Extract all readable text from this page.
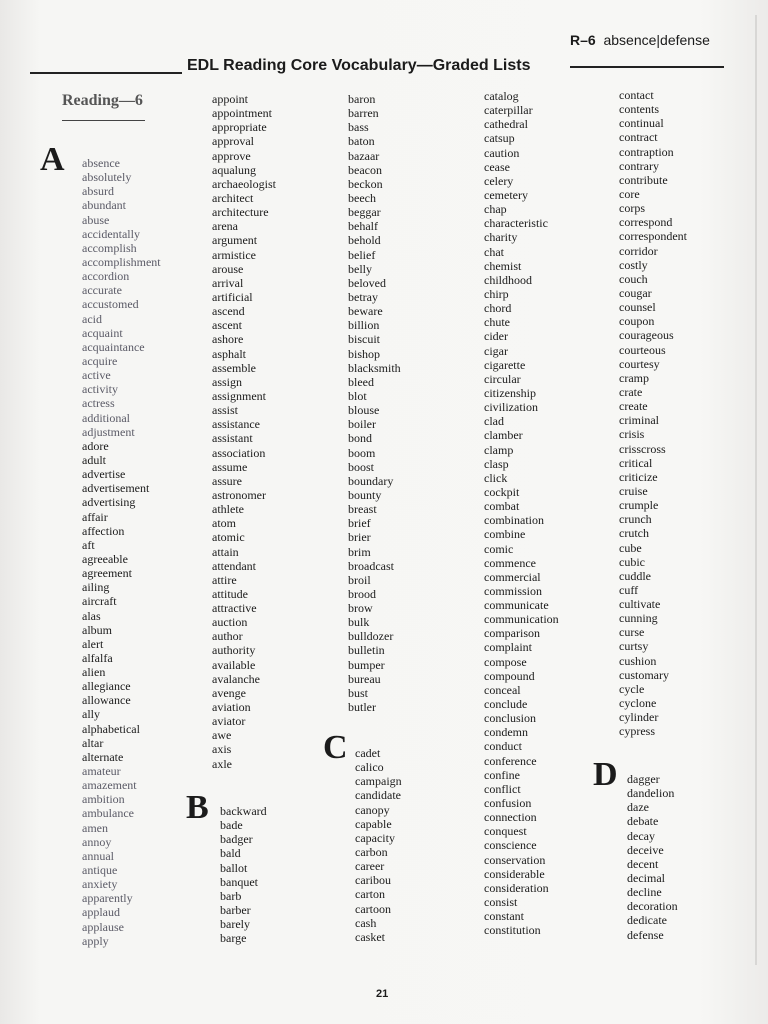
R–6 absence|defense
EDL Reading Core Vocabulary—Graded Lists
Reading—6
A
B
C
D
absence
absolutely
absurd
abundant
abuse
accidentally
accomplish
accomplishment
accordion
accurate
accustomed
acid
acquaint
acquaintance
acquire
active
activity
actress
additional
adjustment
adore
adult
advertise
advertisement
advertising
affair
affection
aft
agreeable
agreement
ailing
aircraft
alas
album
alert
alfalfa
alien
allegiance
allowance
ally
alphabetical
altar
alternate
amateur
amazement
ambition
ambulance
amen
annoy
annual
antique
anxiety
apparently
applaud
applause
apply
appoint
appointment
appropriate
approval
approve
aqualung
archaeologist
architect
architecture
arena
argument
armistice
arouse
arrival
artificial
ascend
ascent
ashore
asphalt
assemble
assign
assignment
assist
assistance
assistant
association
assume
assure
astronomer
athlete
atom
atomic
attain
attendant
attire
attitude
attractive
auction
author
authority
available
avalanche
avenge
aviation
aviator
awe
axis
axle
backward
bade
badger
bald
ballot
banquet
barb
barber
barely
barge
baron
barren
bass
baton
bazaar
beacon
beckon
beech
beggar
behalf
behold
belief
belly
beloved
betray
beware
billion
biscuit
bishop
blacksmith
bleed
blot
blouse
boiler
bond
boom
boost
boundary
bounty
breast
brief
brier
brim
broadcast
broil
brood
brow
bulk
bulldozer
bulletin
bumper
bureau
bust
butler
cadet
calico
campaign
candidate
canopy
capable
capacity
carbon
career
caribou
carton
cartoon
cash
casket
catalog
caterpillar
cathedral
catsup
caution
cease
celery
cemetery
chap
characteristic
charity
chat
chemist
childhood
chirp
chord
chute
cider
cigar
cigarette
circular
citizenship
civilization
clad
clamber
clamp
clasp
click
cockpit
combat
combination
combine
comic
commence
commercial
commission
communicate
communication
comparison
complaint
compose
compound
conceal
conclude
conclusion
condemn
conduct
conference
confine
conflict
confusion
connection
conquest
conscience
conservation
considerable
consideration
consist
constant
constitution
contact
contents
continual
contract
contraption
contrary
contribute
core
corps
correspond
correspondent
corridor
costly
couch
cougar
counsel
coupon
courageous
courteous
courtesy
cramp
crate
create
criminal
crisis
crisscross
critical
criticize
cruise
crumple
crunch
crutch
cube
cubic
cuddle
cuff
cultivate
cunning
curse
curtsy
cushion
customary
cycle
cyclone
cylinder
cypress
dagger
dandelion
daze
debate
decay
deceive
decent
decimal
decline
decoration
dedicate
defense
21
